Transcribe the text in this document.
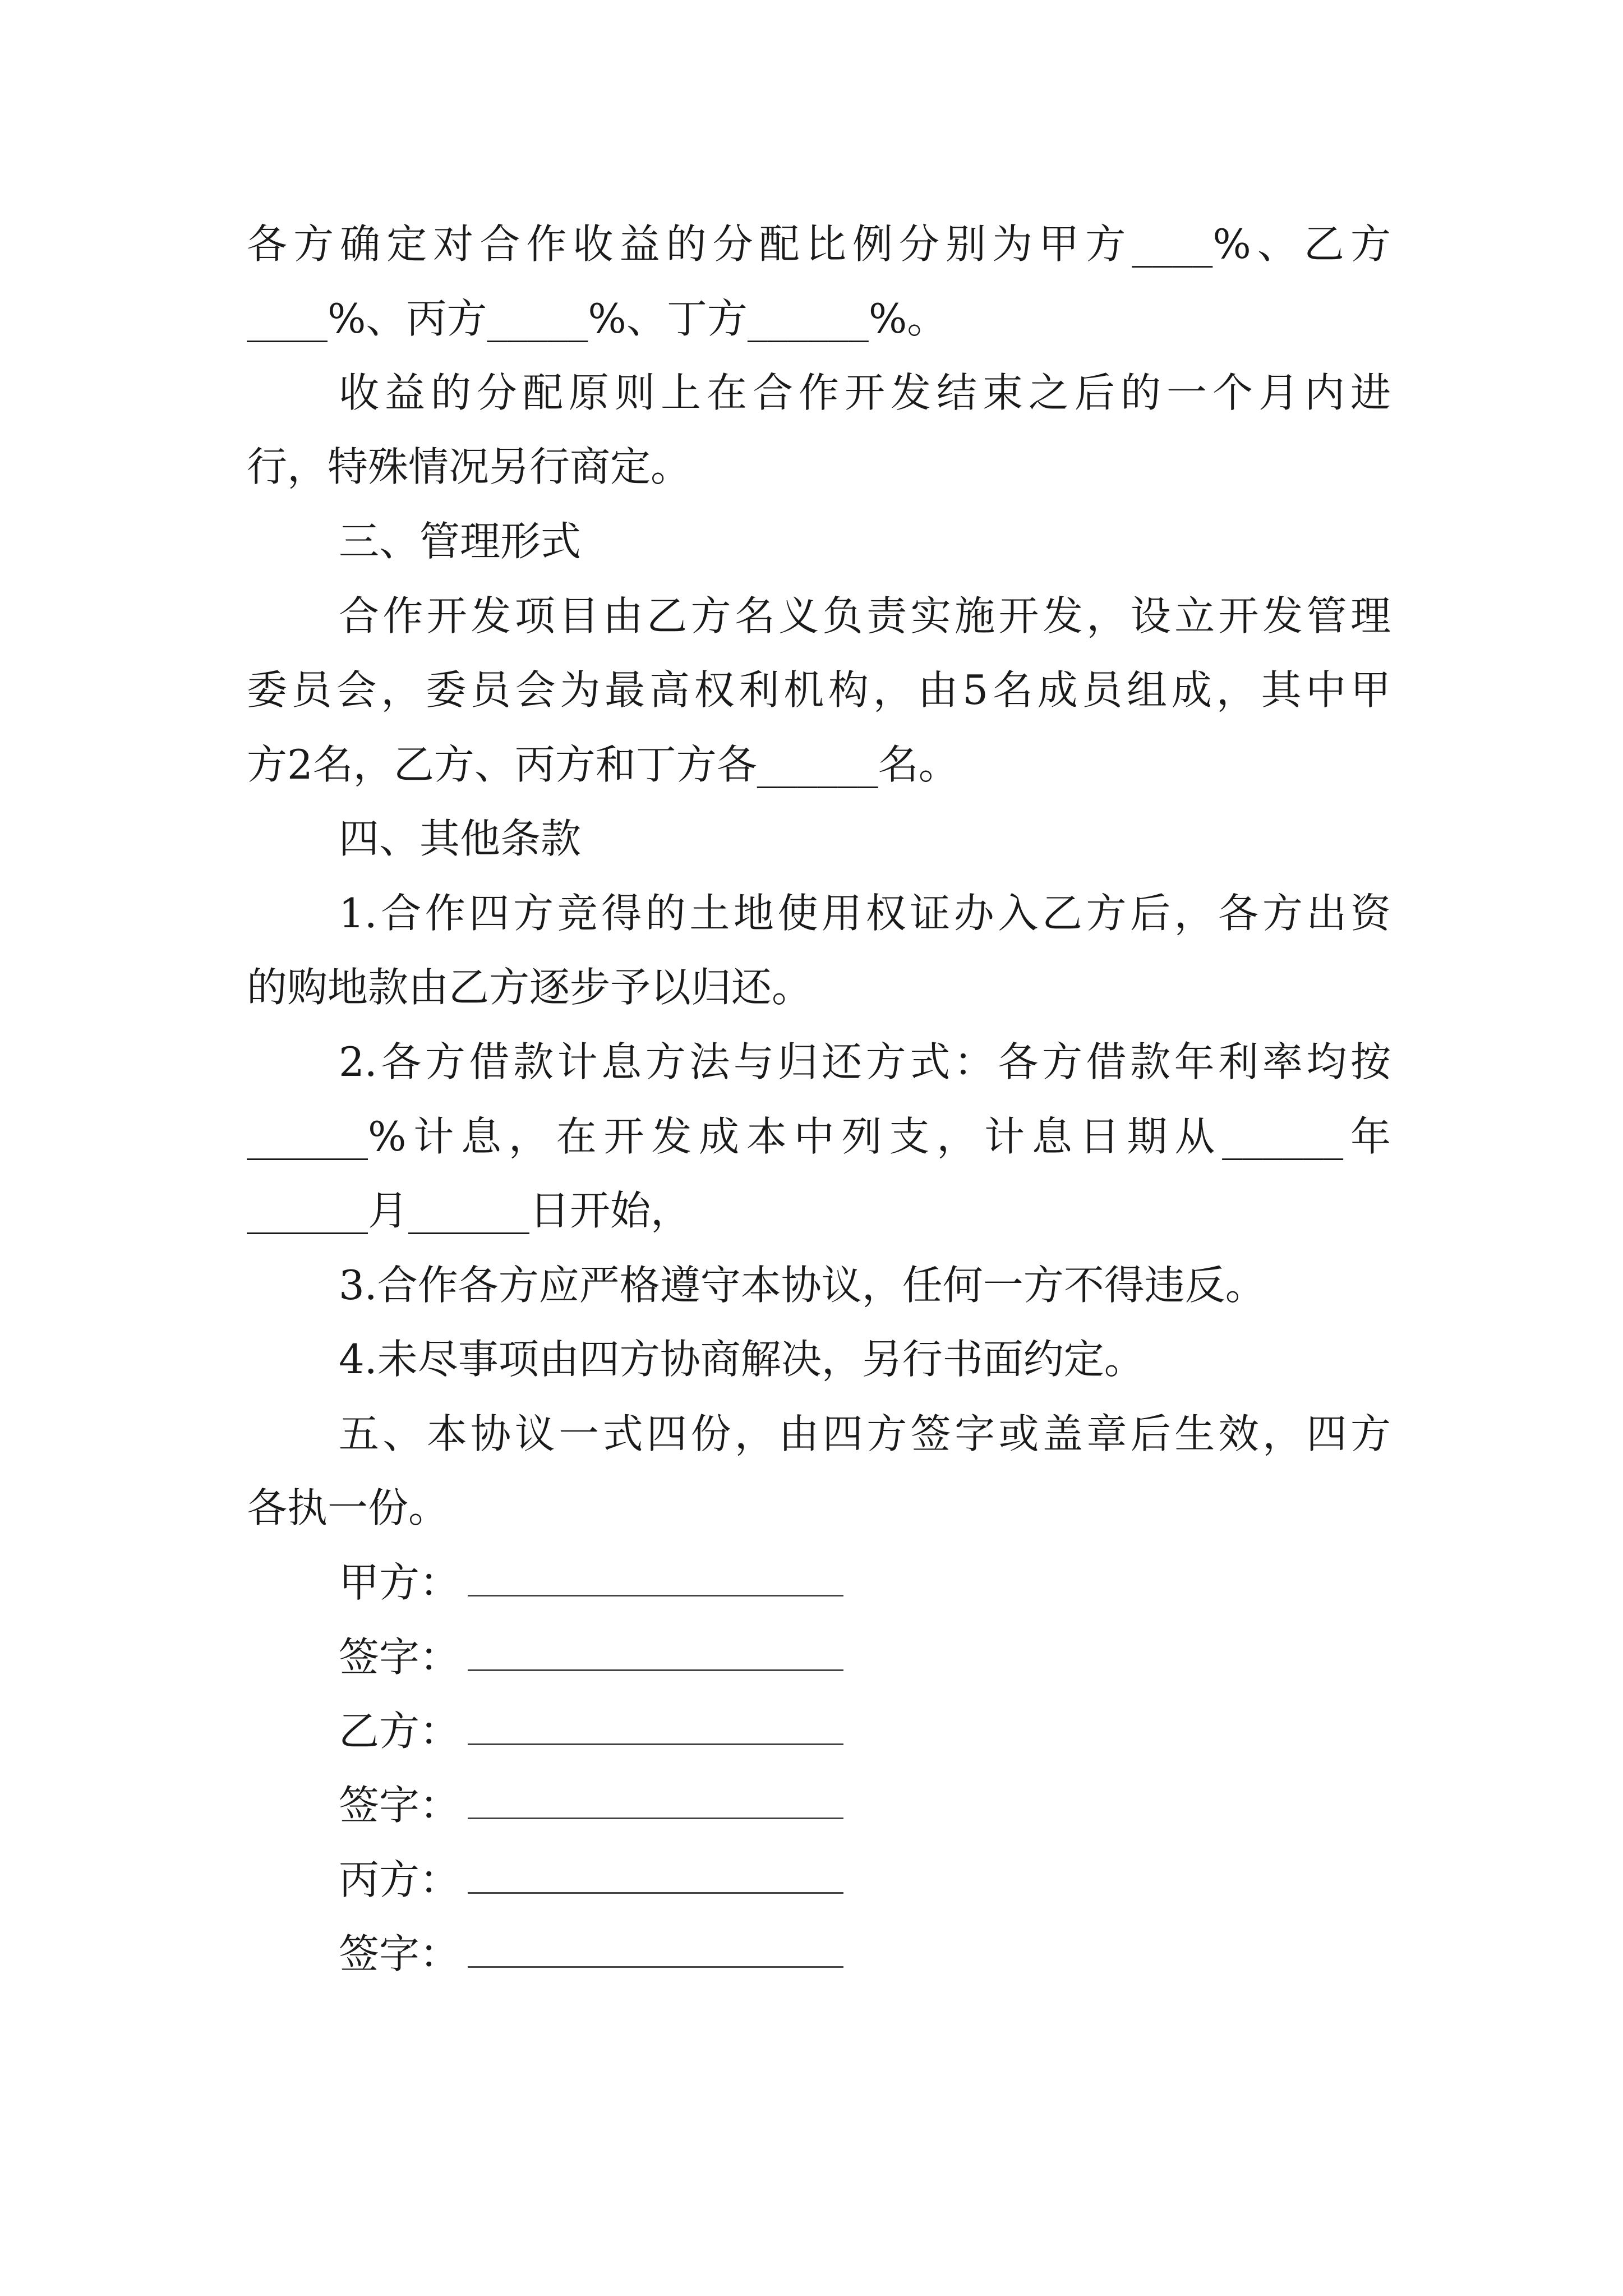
各方确定对合作收益的分配比例分别为甲方____%、乙方
____%、丙方_____%、丁方______%。
收益的分配原则上在合作开发结束之后的一个月内进
行，特殊情况另行商定。
三、管理形式
合作开发项目由乙方名义负责实施开发，设立开发管理
委员会，委员会为最高权利机构，由5名成员组成，其中甲
方2名，乙方、丙方和丁方各______名。
四、其他条款
1.合作四方竞得的土地使用权证办入乙方后，各方出资
的购地款由乙方逐步予以归还。
2.各方借款计息方法与归还方式：各方借款年利率均按
______%计息，在开发成本中列支，计息日期从______年
______月______日开始，
3.合作各方应严格遵守本协议，任何一方不得违反。
4.未尽事项由四方协商解决，另行书面约定。
五、本协议一式四份，由四方签字或盖章后生效，四方
各执一份。
甲方：
签字：
乙方：
签字：
丙方：
签字：
